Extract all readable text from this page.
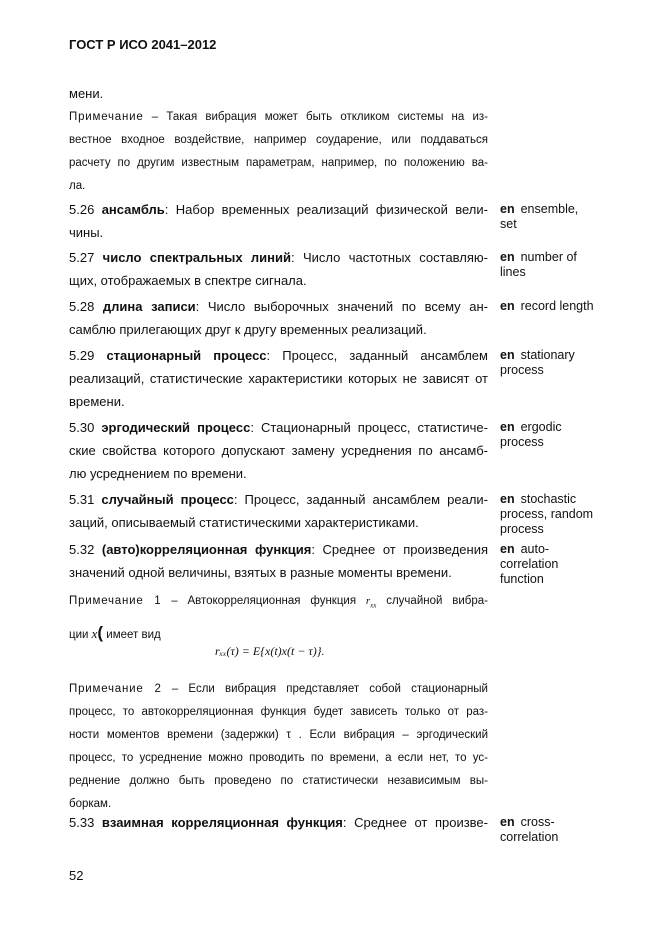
ГОСТ Р ИСО 2041–2012
мени.
Примечание – Такая вибрация может быть откликом системы на из-
вестное входное воздействие, например соударение, или поддаваться
расчету по другим известным параметрам, например, по положению ва-
ла.
5.26 ансамбль: Набор временных реализаций физической вели-
чины.
en ensemble,
set
5.27 число спектральных линий: Число частотных составляю-
щих, отображаемых в спектре сигнала.
en number of
lines
5.28 длина записи: Число выборочных значений по всему ан-
самблю прилегающих друг к другу временных реализаций.
en record length
5.29 стационарный процесс: Процесс, заданный ансамблем
реализаций, статистические характеристики которых не зависят от
времени.
en stationary
process
5.30 эргодический процесс: Стационарный процесс, статистиче-
ские свойства которого допускают замену усреднения по ансамб-
лю усреднением по времени.
en ergodic
process
5.31 случайный процесс: Процесс, заданный ансамблем реали-
заций, описываемый статистическими характеристиками.
en stochastic
process, random
process
5.32 (авто)корреляционная функция: Среднее от произведения
значений одной величины, взятых в разные моменты времени.
en auto-
correlation
function
Примечание 1 – Автокорреляционная функция $r_{xx}$ случайной вибра-
ции x( имеет вид
rₓₓ(τ) = E{x(t)x(t − τ)}.
Примечание 2 – Если вибрация представляет собой стационарный
процесс, то автокорреляционная функция будет зависеть только от раз-
ности моментов времени (задержки) τ . Если вибрация – эргодический
процесс, то усреднение можно проводить по времени, а если нет, то ус-
реднение должно быть проведено по статистически независимым вы-
боркам.
5.33 взаимная корреляционная функция: Среднее от произве- en cross-
correlation
52
